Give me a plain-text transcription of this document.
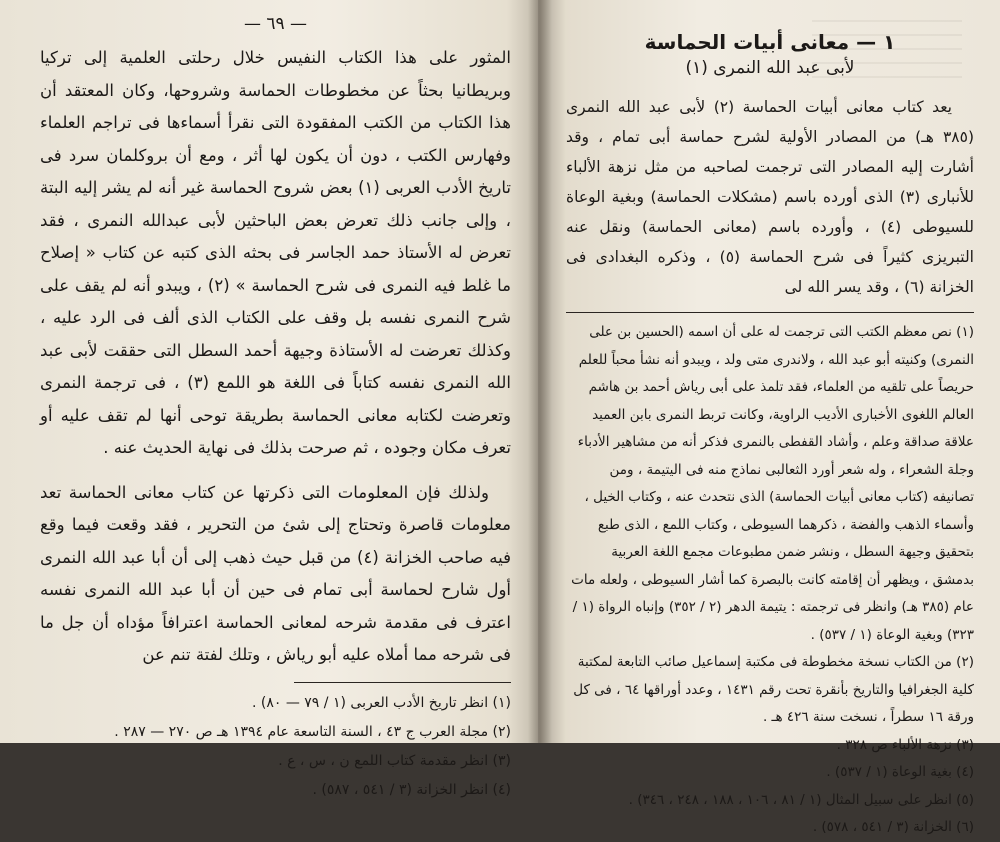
— ٦٩ —

المثور على هذا الكتاب النفيس خلال رحلتى العلمية إلى تركيا وبريطانيا بحثاً عن مخطوطات الحماسة وشروحها، وكان المعتقد أن هذا الكتاب من الكتب المفقودة التى نقرأ أسماءها فى تراجم العلماء وفهارس الكتب ، دون أن يكون لها أثر ، ومع أن بروكلمان سرد فى تاريخ الأدب العربى (١) بعض شروح الحماسة غير أنه لم يشر إليه البتة ، وإلى جانب ذلك تعرض بعض الباحثين لأبى عبدالله النمرى ، فقد تعرض له الأستاذ حمد الجاسر فى بحثه الذى كتبه عن كتاب « إصلاح ما غلط فيه النمرى فى شرح الحماسة » (٢) ، ويبدو أنه لم يقف على شرح النمرى نفسه بل وقف على الكتاب الذى ألف فى الرد عليه ، وكذلك تعرضت له الأستاذة وجيهة أحمد السطل التى حققت لأبى عبد الله النمرى نفسه كتاباً فى اللغة هو اللمع (٣) ، فى ترجمة النمرى وتعرضت لكتابه معانى الحماسة بطريقة توحى أنها لم تقف عليه أو تعرف مكان وجوده ، ثم صرحت بذلك فى نهاية الحديث عنه .

ولذلك فإن المعلومات التى ذكرتها عن كتاب معانى الحماسة تعد معلومات قاصرة وتحتاج إلى شئ من التحرير ، فقد وقعت فيما وقع فيه صاحب الخزانة (٤) من قبل حيث ذهب إلى أن أبا عبد الله النمرى أول شارح لحماسة أبى تمام فى حين أن أبا عبد الله النمرى نفسه اعترف فى مقدمة شرحه لمعانى الحماسة اعترافاً مؤداه أن جل ما فى شرحه مما أملاه عليه أبو رياش ، وتلك لفتة تنم عن

(١) انظر تاريخ الأدب العربى (١ / ٧٩ — ٨٠) .

(٢) مجلة العرب ج ٤٣ ، السنة التاسعة عام ١٣٩٤ هـ ص ٢٧٠ — ٢٨٧ .

(٣) انظر مقدمة كتاب اللمع ن ، س ، ع .

(٤) انظر الخزانة (٣ / ٥٤١ ، ٥٨٧) .

١ — معانى أبيات الحماسة

لأبى عبد الله النمرى (١)

يعد كتاب معانى أبيات الحماسة (٢) لأبى عبد الله النمرى (٣٨٥ هـ) من المصادر الأولية لشرح حماسة أبى تمام ، وقد أشارت إليه المصادر التى ترجمت لصاحبه من مثل نزهة الألباء للأنبارى (٣) الذى أورده باسم (مشكلات الحماسة) وبغية الوعاة للسيوطى (٤) ، وأورده باسم (معانى الحماسة) ونقل عنه التبريزى كثيراً فى شرح الحماسة (٥) ، وذكره البغدادى فى الخزانة (٦) ، وقد يسر الله لى

(١) نص معظم الكتب التى ترجمت له على أن اسمه (الحسين بن على النمرى) وكنيته أبو عبد الله ، ولاندرى متى ولد ، ويبدو أنه نشأ محباً للعلم حريصاً على تلقيه من العلماء، فقد تلمذ على أبى رياش أحمد بن هاشم العالم اللغوى الأخبارى الأديب الراوية، وكانت تربط النمرى بابن العميد علاقة صداقة وعلم ، وأشاد القفطى بالنمرى فذكر أنه من مشاهير الأدباء وجلة الشعراء ، وله شعر أورد الثعالبى نماذج منه فى اليتيمة ، ومن تصانيفه (كتاب معانى أبيات الحماسة) الذى نتحدث عنه ، وكتاب الخيل ، وأسماء الذهب والفضة ، ذكرهما السيوطى ، وكتاب اللمع ، الذى طبع بتحقيق وجيهة السطل ، ونشر ضمن مطبوعات مجمع اللغة العربية بدمشق ، ويظهر أن إقامته كانت بالبصرة كما أشار السيوطى ، ولعله مات عام (٣٨٥ هـ) وانظر فى ترجمته : يتيمة الدهر (٢ / ٣٥٢) وإنباه الرواة (١ / ٣٢٣) وبغية الوعاة (١ / ٥٣٧) .

(٢) من الكتاب نسخة مخطوطة فى مكتبة إسماعيل صائب التابعة لمكتبة كلية الجغرافيا والتاريخ بأنقرة تحت رقم ١٤٣١ ، وعدد أوراقها ٦٤ ، فى كل ورقة ١٦ سطراً ، نسخت سنة ٤٢٦ هـ .

(٣) نزهة الألباء ص ٣٢٨ .

(٤) بغية الوعاة (١ / ٥٣٧) .

(٥) انظر على سبيل المثال (١ / ٨١ ، ١٠٦ ، ١٨٨ ، ٢٤٨ ، ٣٤٦) .

(٦) الخزانة (٣ / ٥٤١ ، ٥٧٨) .
